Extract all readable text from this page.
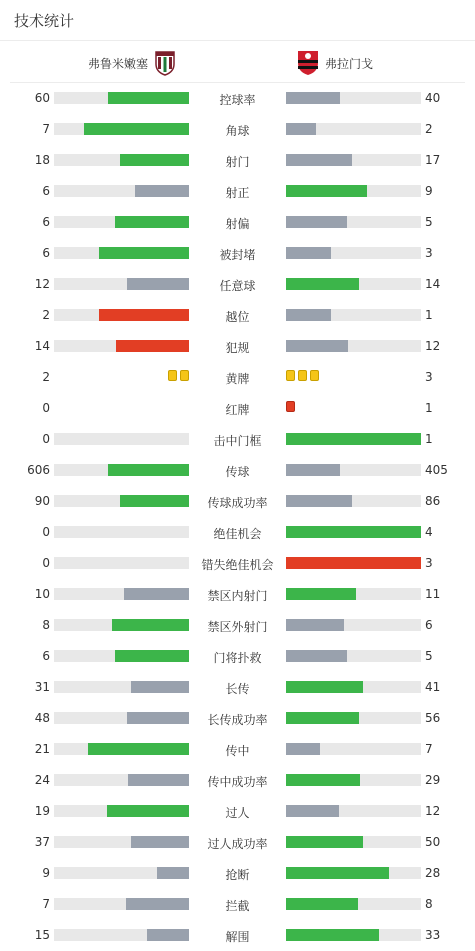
技术统计
弗鲁米嫩塞	弗拉门戈
60	控球率	40
7	角球	2
18	射门	17
6	射正	9
6	射偏	5
6	被封堵	3
12	任意球	14
2	越位	1
14	犯规	12
2	黄牌	3
0	红牌	1
0	击中门框	1
606	传球	405
90	传球成功率	86
0	绝佳机会	4
0	错失绝佳机会	3
10	禁区内射门	11
8	禁区外射门	6
6	门将扑救	5
31	长传	41
48	长传成功率	56
21	传中	7
24	传中成功率	29
19	过人	12
37	过人成功率	50
9	抢断	28
7	拦截	8
15	解围	33
